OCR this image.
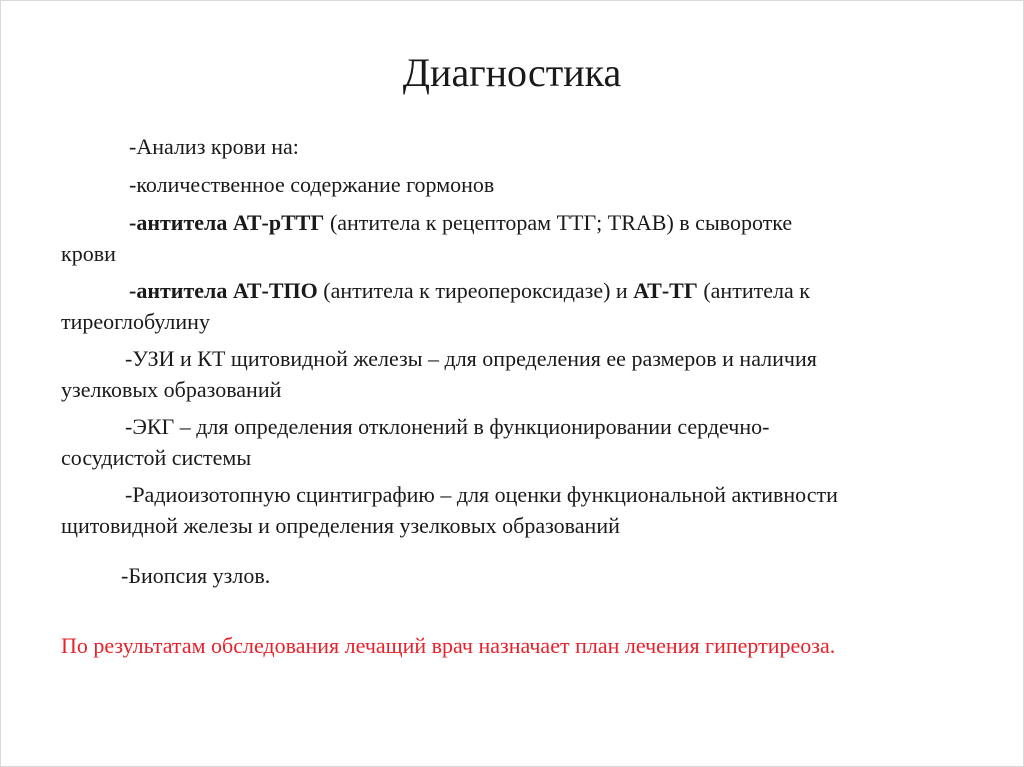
Диагностика
-Анализ крови на:
-количественное содержание гормонов
-антитела АТ-рТТГ (антитела к рецепторам ТТГ; TRAB) в сыворотке
крови
-антитела АТ-ТПО (антитела к тиреопероксидазе) и АТ-ТГ (антитела к
тиреоглобулину
-УЗИ и КТ щитовидной железы – для определения ее размеров и наличия
узелковых образований
-ЭКГ – для определения отклонений в функционировании сердечно-
сосудистой системы
-Радиоизотопную сцинтиграфию – для оценки функциональной активности
щитовидной железы и определения узелковых образований
-Биопсия узлов.
По результатам обследования лечащий врач назначает план лечения гипертиреоза.
